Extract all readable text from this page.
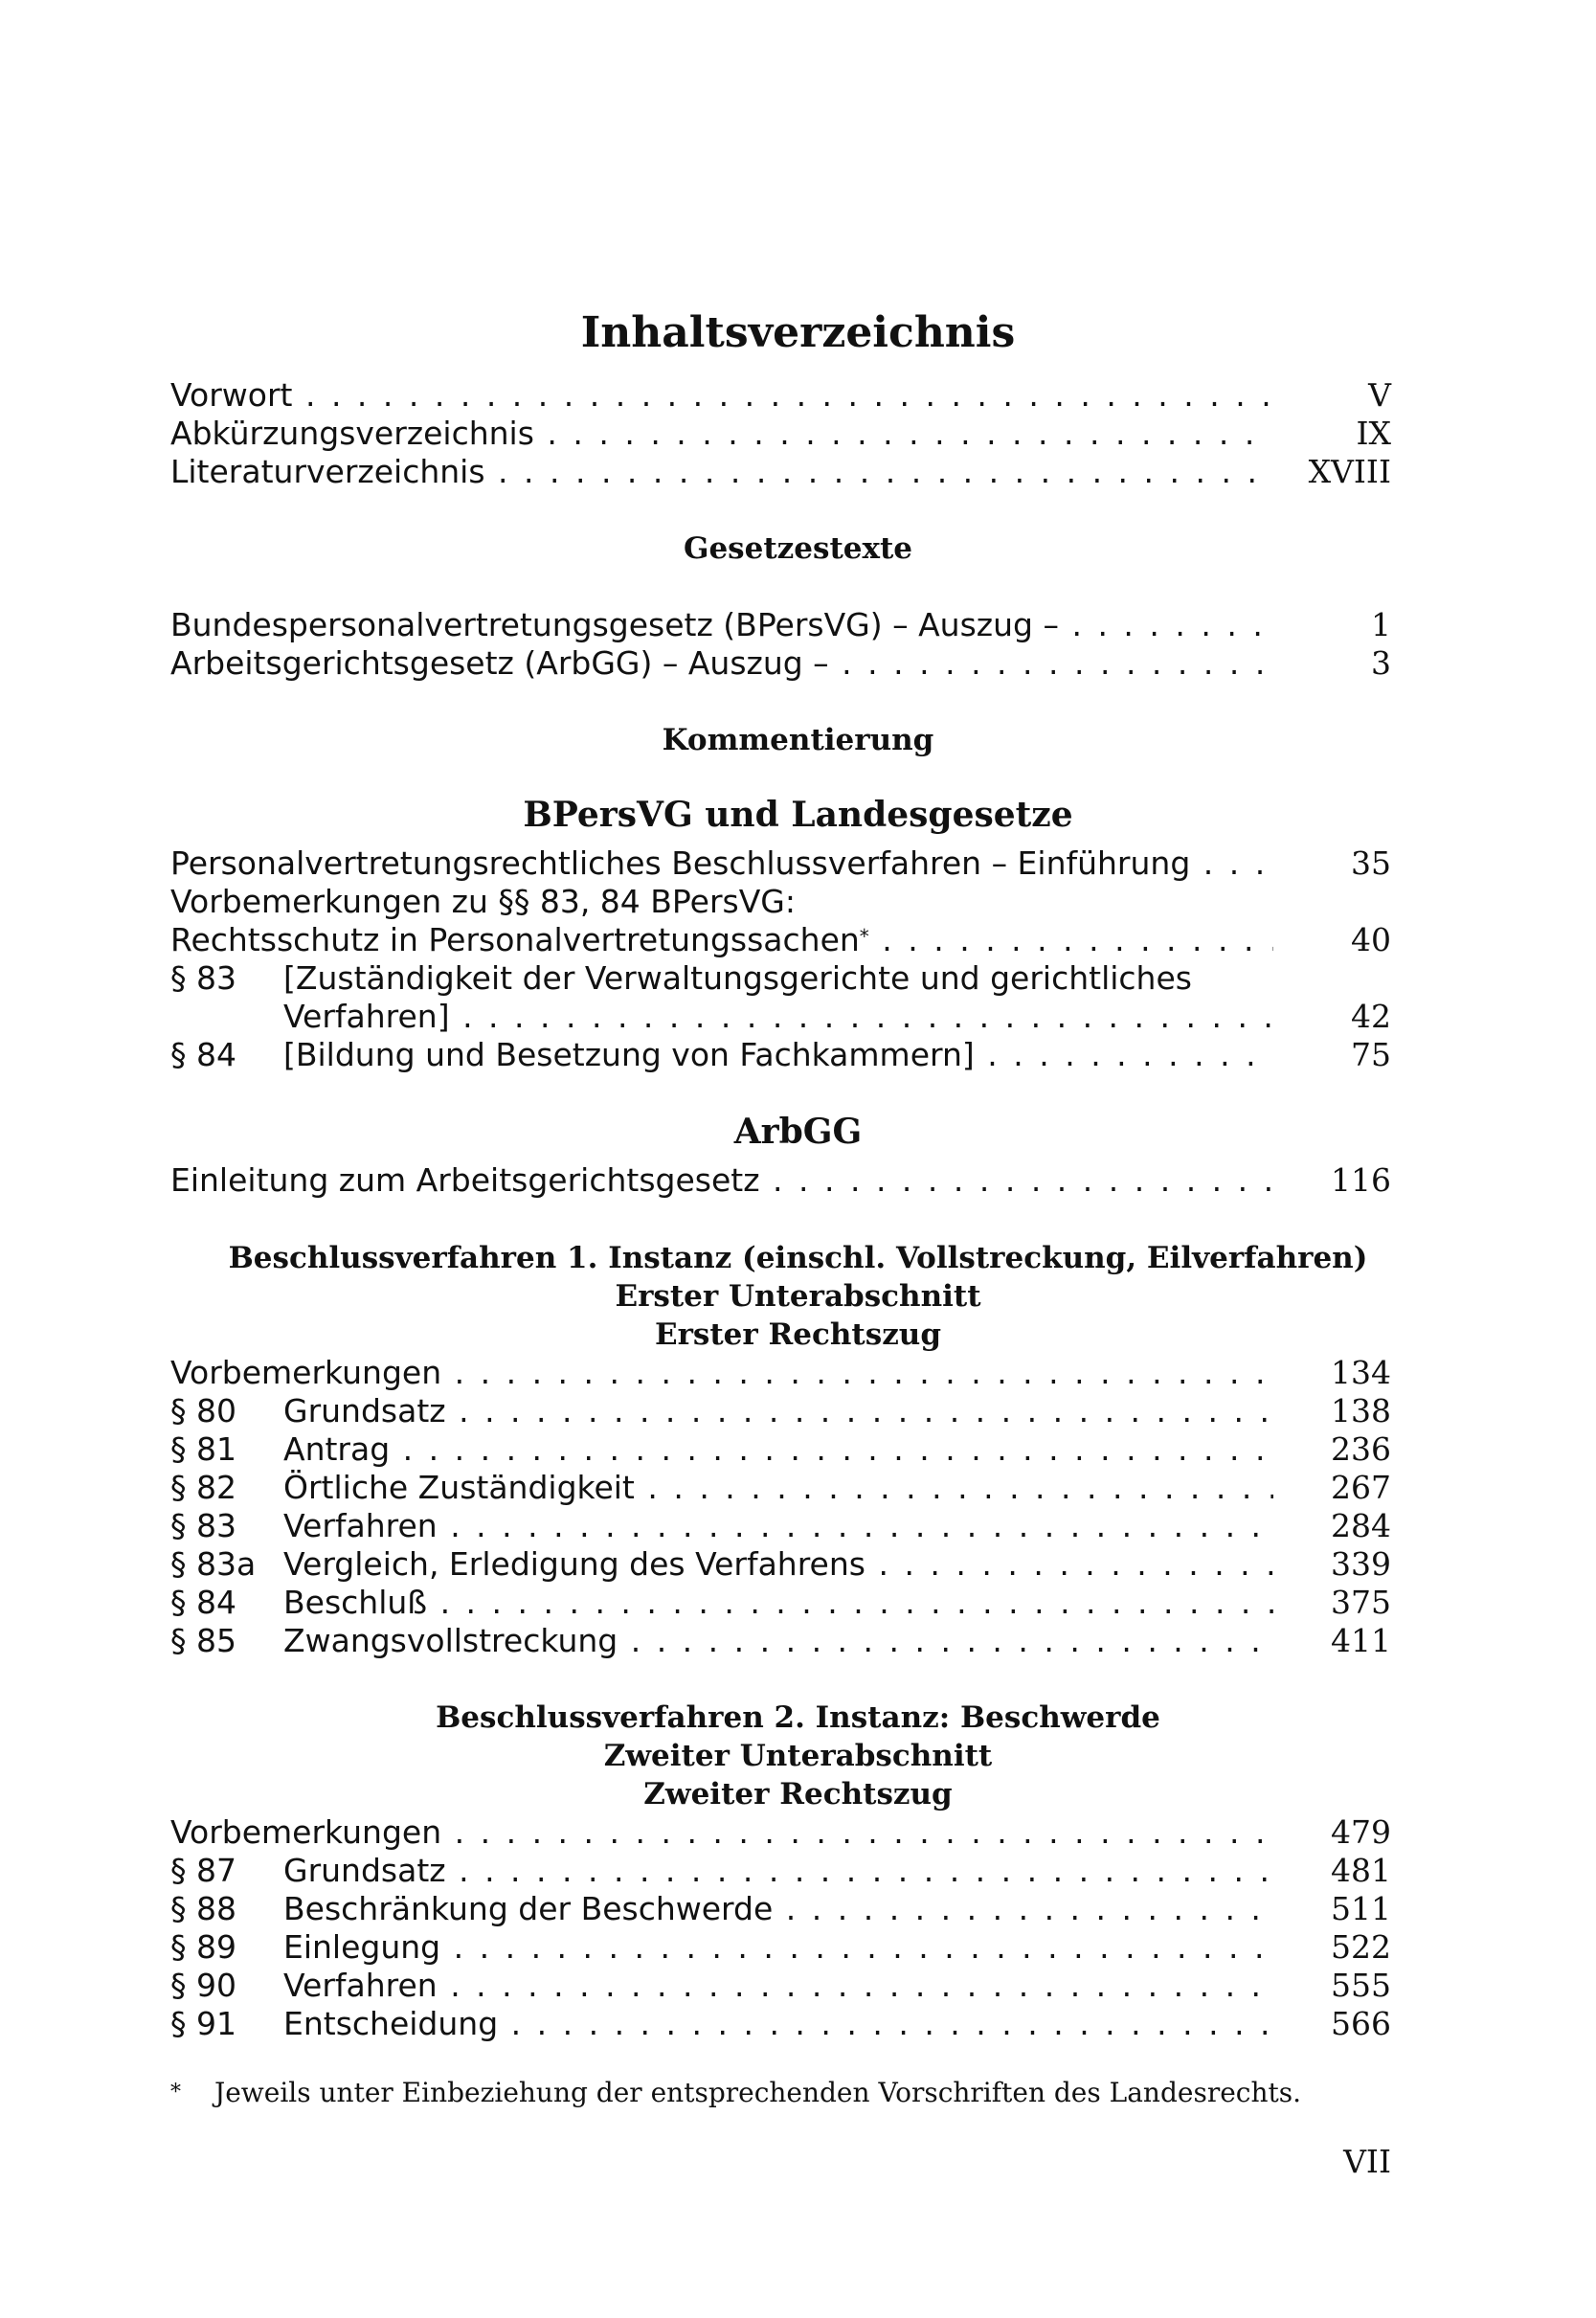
Inhaltsverzeichnis
Vorwort . . .	V
Abkürzungsverzeichnis . . .	IX
Literaturverzeichnis . . .	XVIII
Gesetzestexte
Bundespersonalvertretungsgesetz (BPersVG) – Auszug – . . .	1
Arbeitsgerichtsgesetz (ArbGG) – Auszug – . . .	3
Kommentierung
BPersVG und Landesgesetze
Personalvertretungsrechtliches Beschlussverfahren – Einführung . . .	35
Vorbemerkungen zu §§ 83, 84 BPersVG:
Rechtsschutz in Personalvertretungssachen* . . .	40
§ 83	[Zuständigkeit der Verwaltungsgerichte und gerichtliches
Verfahren] . . .	42
§ 84	[Bildung und Besetzung von Fachkammern] . . .	75
ArbGG
Einleitung zum Arbeitsgerichtsgesetz . . .	116
Beschlussverfahren 1. Instanz (einschl. Vollstreckung, Eilverfahren)
Erster Unterabschnitt
Erster Rechtszug
Vorbemerkungen . . .	134
§ 80	Grundsatz . . .	138
§ 81	Antrag . . .	236
§ 82	Örtliche Zuständigkeit . . .	267
§ 83	Verfahren . . .	284
§ 83a Vergleich, Erledigung des Verfahrens . . .	339
§ 84	Beschluß . . .	375
§ 85	Zwangsvollstreckung . . .	411
Beschlussverfahren 2. Instanz: Beschwerde
Zweiter Unterabschnitt
Zweiter Rechtszug
Vorbemerkungen . . .	479
§ 87	Grundsatz . . .	481
§ 88	Beschränkung der Beschwerde . . .	511
§ 89	Einlegung . . .	522
§ 90	Verfahren . . .	555
§ 91	Entscheidung . . .	566
* Jeweils unter Einbeziehung der entsprechenden Vorschriften des Landesrechts.
VII
